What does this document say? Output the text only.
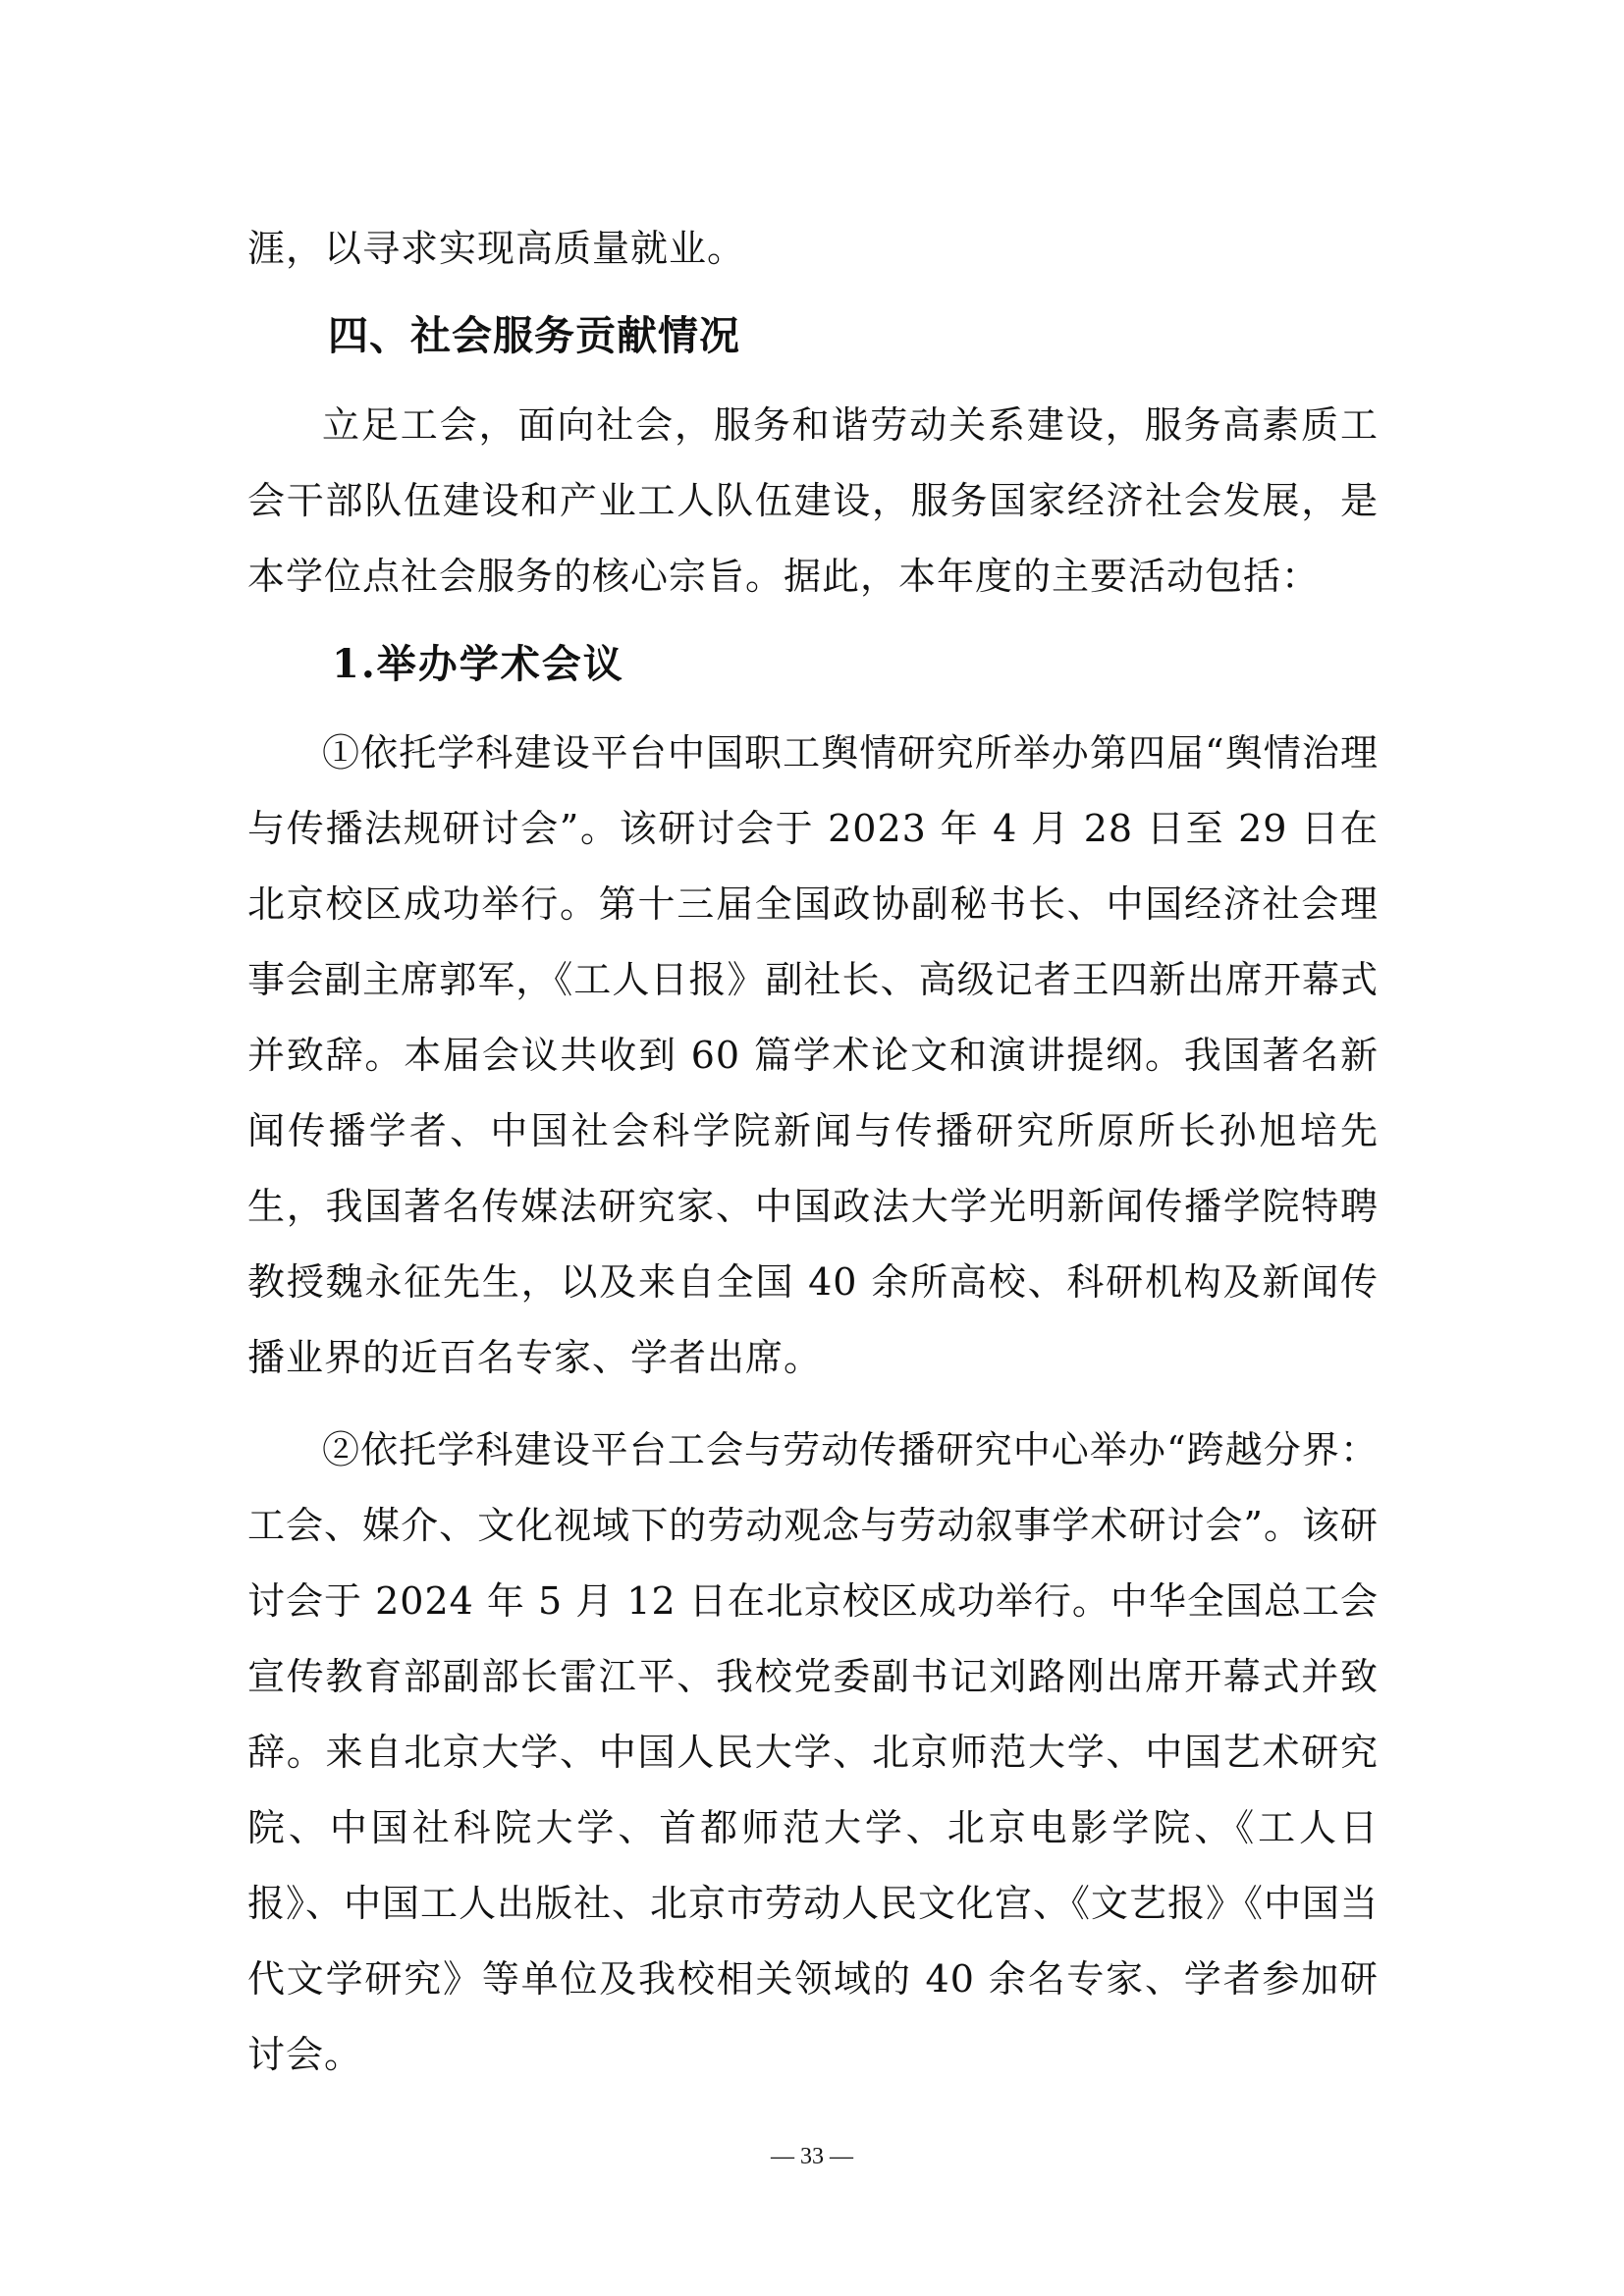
涯，以寻求实现高质量就业。

四、社会服务贡献情况

立足工会，面向社会，服务和谐劳动关系建设，服务高素质工会干部队伍建设和产业工人队伍建设，服务国家经济社会发展，是本学位点社会服务的核心宗旨。据此，本年度的主要活动包括：

1.举办学术会议

①依托学科建设平台中国职工舆情研究所举办第四届“舆情治理与传播法规研讨会”。该研讨会于 2023 年 4 月 28 日至 29 日在北京校区成功举行。第十三届全国政协副秘书长、中国经济社会理事会副主席郭军，《工人日报》副社长、高级记者王四新出席开幕式并致辞。本届会议共收到 60 篇学术论文和演讲提纲。我国著名新闻传播学者、中国社会科学院新闻与传播研究所原所长孙旭培先生，我国著名传媒法研究家、中国政法大学光明新闻传播学院特聘教授魏永征先生，以及来自全国 40 余所高校、科研机构及新闻传播业界的近百名专家、学者出席。

②依托学科建设平台工会与劳动传播研究中心举办“跨越分界：工会、媒介、文化视域下的劳动观念与劳动叙事学术研讨会”。该研讨会于 2024 年 5 月 12 日在北京校区成功举行。中华全国总工会宣传教育部副部长雷江平、我校党委副书记刘路刚出席开幕式并致辞。来自北京大学、中国人民大学、北京师范大学、中国艺术研究院、中国社科院大学、首都师范大学、北京电影学院、《工人日报》、中国工人出版社、北京市劳动人民文化宫、《文艺报》《中国当代文学研究》等单位及我校相关领域的 40 余名专家、学者参加研讨会。

— 33 —
